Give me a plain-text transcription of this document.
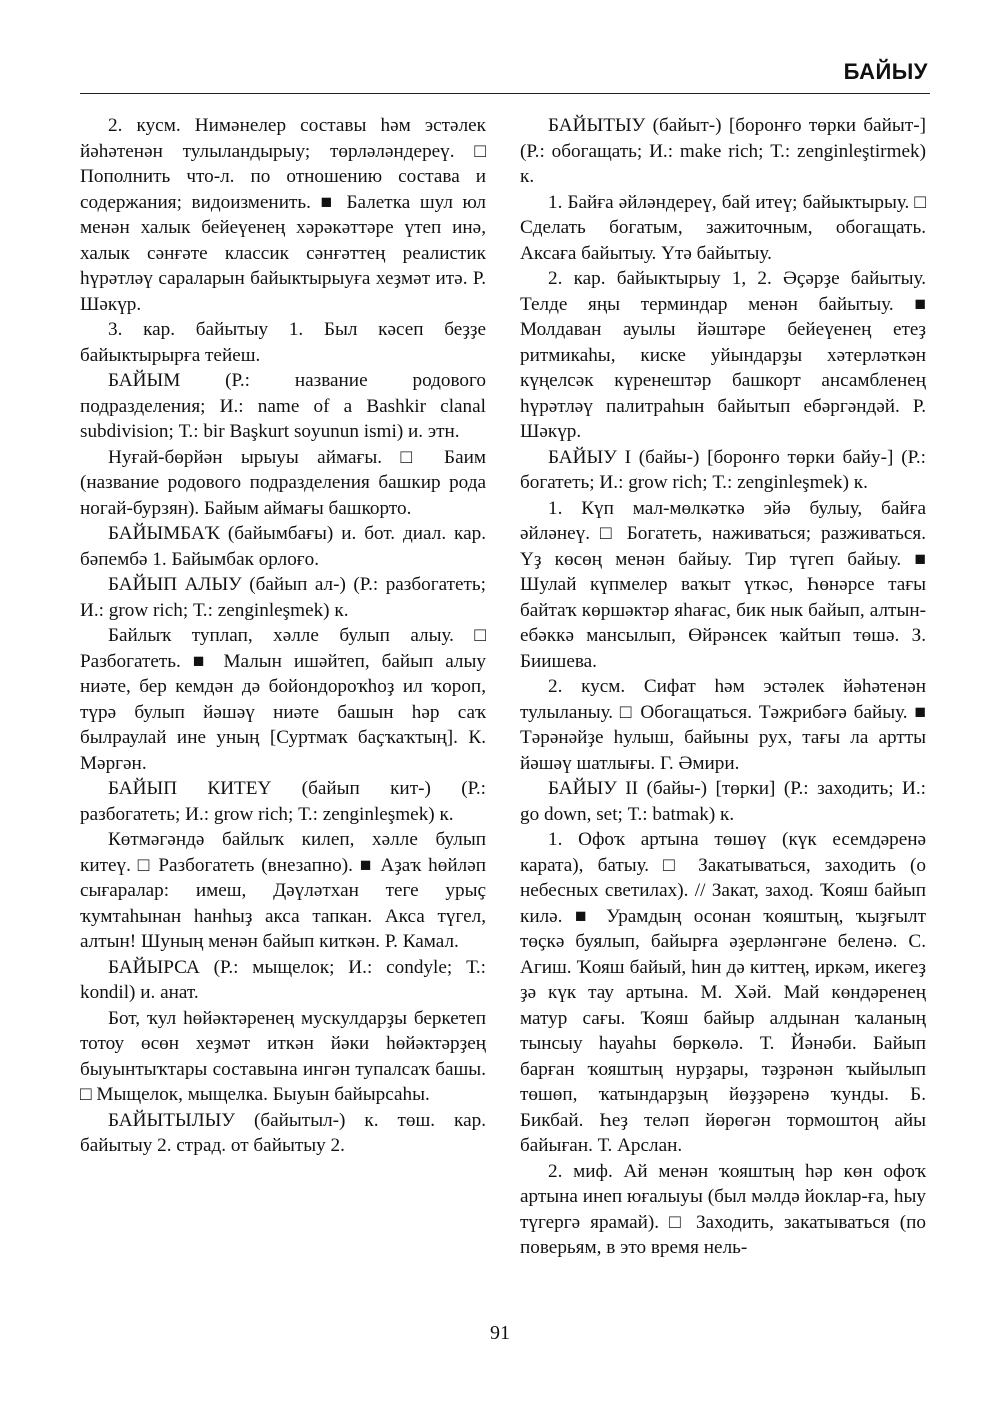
БАЙЫУ

2. кусм. Нимәнелер составы һәм эстәлек йәһәтенән тулыландырыу; төрләләндереү. □ Пополнить что-л. по отношению состава и содержания; видоизменить. ■ Балетка шул юл менән халык бейеүенең хәрәкәттәре үтеп инә, халык сәнғәте классик сәнғәттең реалистик һүрәтләү сараларын байыктырыуға хеҙмәт итә. Р. Шәкүр.

3. кар. байытыу 1. Был кәсеп беҙҙе байыктырырға тейеш.

БАЙЫМ (Р.: название родового подразделения; И.: name of a Bashkir clanal subdivision; Т.: bir Başkurt soyunun ismi) и. этн.

Нуғай-бөрйән ырыуы аймағы. □ Баим (название родового подразделения башкир рода ногай-бурзян). Байым аймағы башкорто.

БАЙЫМБАҠ (байымбағы) и. бот. диал. кар. бәпембә 1. Байымбак орлоғо.

БАЙЫП АЛЫУ (байып ал-) (Р.: разбогатеть; И.: grow rich; Т.: zenginleşmek) к.

Байлыҡ туплап, хәлле булып алыу. □ Разбогатеть. ■ Малын ишәйтеп, байып алыу ниәте, бер кемдән дә бойондороҡһоҙ ил ҡороп, түрә булып йәшәү ниәте башын һәр саҡ былраулай ине уның [Суртмаҡ баҫҡаҡтың]. К. Мәргән.

БАЙЫП КИТЕҮ (байып кит-) (Р.: разбогатеть; И.: grow rich; Т.: zenginleşmek) к.

Көтмәгәндә байлыҡ килеп, хәлле булып китеү. □ Разбогатеть (внезапно). ■ Аҙаҡ һөйләп сығаралар: имеш, Дәүләтхан теге урыҫ ҡумтаһынан һанһыҙ акса тапкан. Акса түгел, алтын! Шуның менән байып киткән. Р. Камал.

БАЙЫРСА (Р.: мыщелок; И.: condyle; Т.: kondil) и. анат.

Бот, ҡул һөйәктәренең мускулдарҙы беркетеп тотоу өсөн хеҙмәт иткән йәки һөйәктәрҙең быуынтыҡтары составына ингән тупалсаҡ башы. □ Мыщелок, мыщелка. Быуын байырсаһы.

БАЙЫТЫЛЫУ (байытыл-) к. төш. кар. байытыу 2. страд. от байытыу 2.

БАЙЫТЫУ (байыт-) [боронғо төрки байыт-] (Р.: обогащать; И.: make rich; Т.: zenginleştirmek) к.

1. Байға әйләндереү, бай итеү; байыктырыу. □ Сделать богатым, зажиточным, обогащать. Аксаға байытыу. Үтә байытыу.

2. кар. байыктырыу 1, 2. Әҫәрҙе байытыу. Телде яңы терминдар менән байытыу. ■ Молдаван ауылы йәштәре бейеүенең етеҙ ритмикаһы, киске уйындарҙы хәтерләткән күңелсәк күренештәр башкорт ансамбленең һүрәтләү палитраһын байытып ебәргәндәй. Р. Шәкүр.

БАЙЫУ I (байы-) [боронғо төрки байу-] (Р.: богатеть; И.: grow rich; Т.: zenginleşmek) к.

1. Күп мал-мөлкәткә эйә булыу, байға әйләнеү. □ Богатеть, наживаться; разживаться. Үҙ көсөң менән байыу. Тир түгеп байыу. ■ Шулай күпмелер ваҡыт үткәс, Һөнәрсе тағы байтаҡ көршәктәр яһағас, бик нык байып, алтын-ебәккә мансылып, Өйрәнсек ҡайтып төшә. З. Биишева.

2. кусм. Сифат һәм эстәлек йәһәтенән тулыланыу. □ Обогащаться. Тәжрибәгә байыу. ■ Тәрәнәйҙе һулыш, байыны рух, тағы ла артты йәшәү шатлығы. Г. Әмири.

БАЙЫУ II (байы-) [төрки] (Р.: заходить; И.: go down, set; Т.: batmak) к.

1. Офоҡ артына төшөү (күк есемдәренә карата), батыу. □ Закатываться, заходить (о небесных светилах). // Закат, заход. Ҡояш байып килә. ■ Урамдың осонан ҡояштың, ҡыҙғылт төҫкә буялып, байырға әҙерләнгәне беленә. С. Агиш. Ҡояш байый, һин дә киттең, иркәм, икегеҙ ҙә күк тау артына. М. Хәй. Май көндәренең матур сағы. Ҡояш байыр алдынан ҡаланың тынсыу һауаһы бөркөлә. Т. Йәнәби. Байып барған ҡояштың нурҙары, тәҙрәнән ҡыйылып төшөп, ҡатындарҙың йөҙҙәренә ҡунды. Б. Бикбай. Һеҙ теләп йөрөгән тормоштоң айы байыған. Т. Арслан.

2. миф. Ай менән ҡояштың һәр көн офоҡ артына инеп юғалыуы (был мәлдә йоклар-ға, һыу түгергә ярамай). □ Заходить, закатываться (по поверьям, в это время нель-

91
